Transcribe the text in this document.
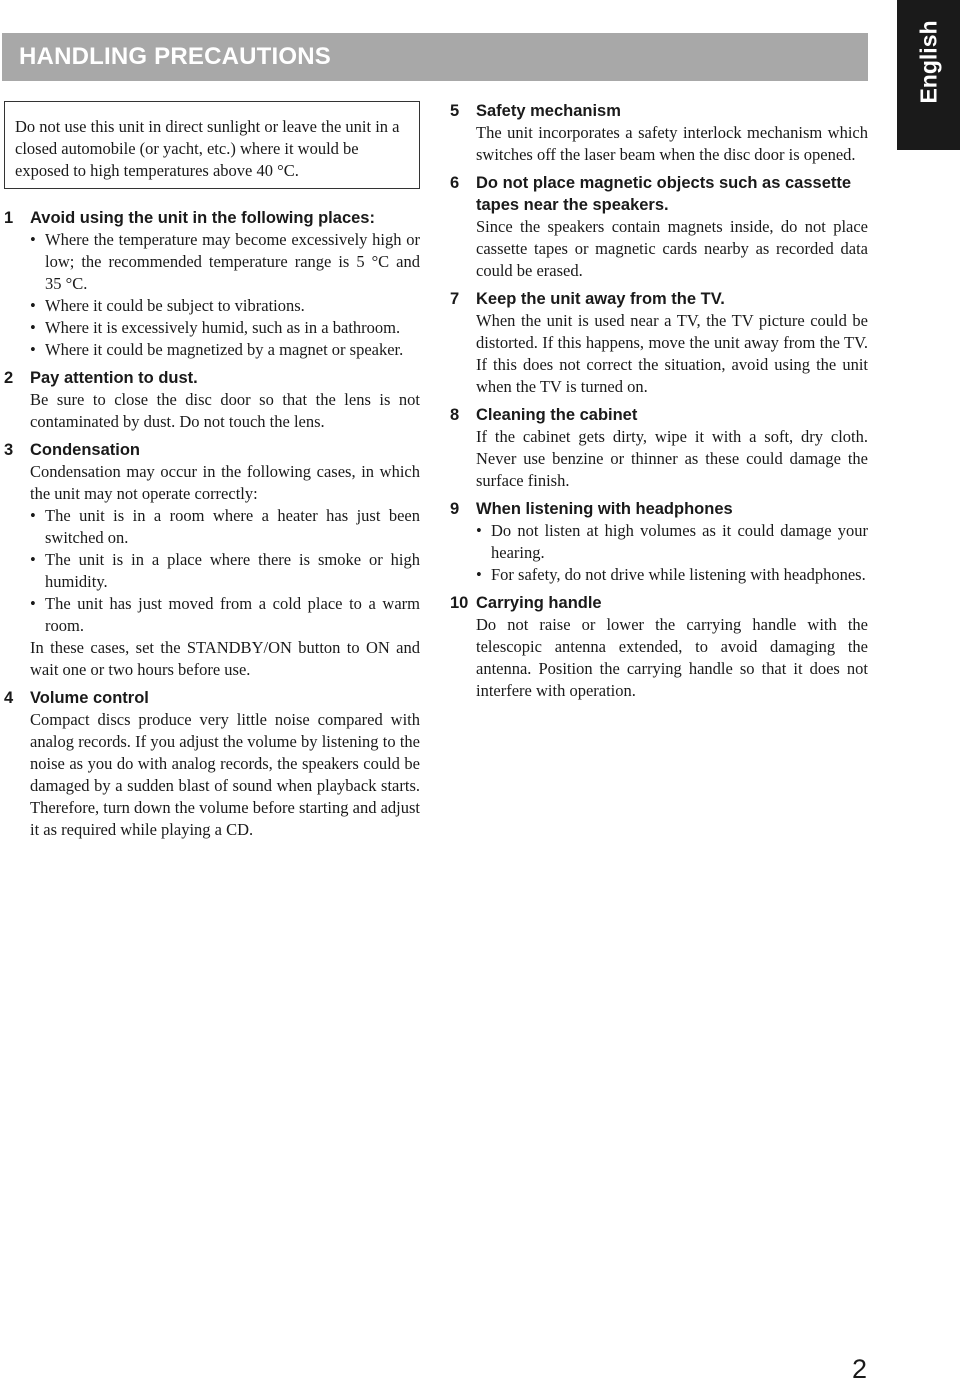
HANDLING PRECAUTIONS	English

Do not use this unit in direct sunlight or leave the unit in a closed automobile (or yacht, etc.) where it would be exposed to high temperatures above 40 °C.

1	Avoid using the unit in the following places:
• Where the temperature may become excessively high or low; the recommended temperature range is 5 °C and 35 °C.
• Where it could be subject to vibrations.
• Where it is excessively humid, such as in a bathroom.
• Where it could be magnetized by a magnet or speaker.
2	Pay attention to dust.

Be sure to close the disc door so that the lens is not contaminated by dust. Do not touch the lens.

3	Condensation

Condensation may occur in the following cases, in which the unit may not operate correctly:

• The unit is in a room where a heater has just been switched on.
• The unit is in a place where there is smoke or high humidity.
• The unit has just moved from a cold place to a warm room.

In these cases, set the STANDBY/ON button to ON and wait one or two hours before use.

4	Volume control

Compact discs produce very little noise compared with analog records. If you adjust the volume by listening to the noise as you do with analog records, the speakers could be damaged by a sudden blast of sound when playback starts. Therefore, turn down the volume before starting and adjust it as required while playing a CD.

5	Safety mechanism

The unit incorporates a safety interlock mechanism which switches off the laser beam when the disc door is opened.

6	Do not place magnetic objects such as cassette tapes near the speakers.

Since the speakers contain magnets inside, do not place cassette tapes or magnetic cards nearby as recorded data could be erased.

7	Keep the unit away from the TV.

When the unit is used near a TV, the TV picture could be distorted. If this happens, move the unit away from the TV. If this does not correct the situation, avoid using the unit when the TV is turned on.

8	Cleaning the cabinet

If the cabinet gets dirty, wipe it with a soft, dry cloth. Never use benzine or thinner as these could damage the surface finish.

9	When listening with headphones
• Do not listen at high volumes as it could damage your hearing.
• For safety, do not drive while listening with headphones.
10 Carrying handle

Do not raise or lower the carrying handle with the telescopic antenna extended, to avoid damaging the antenna. Position the carrying handle so that it does not interfere with operation.

2
